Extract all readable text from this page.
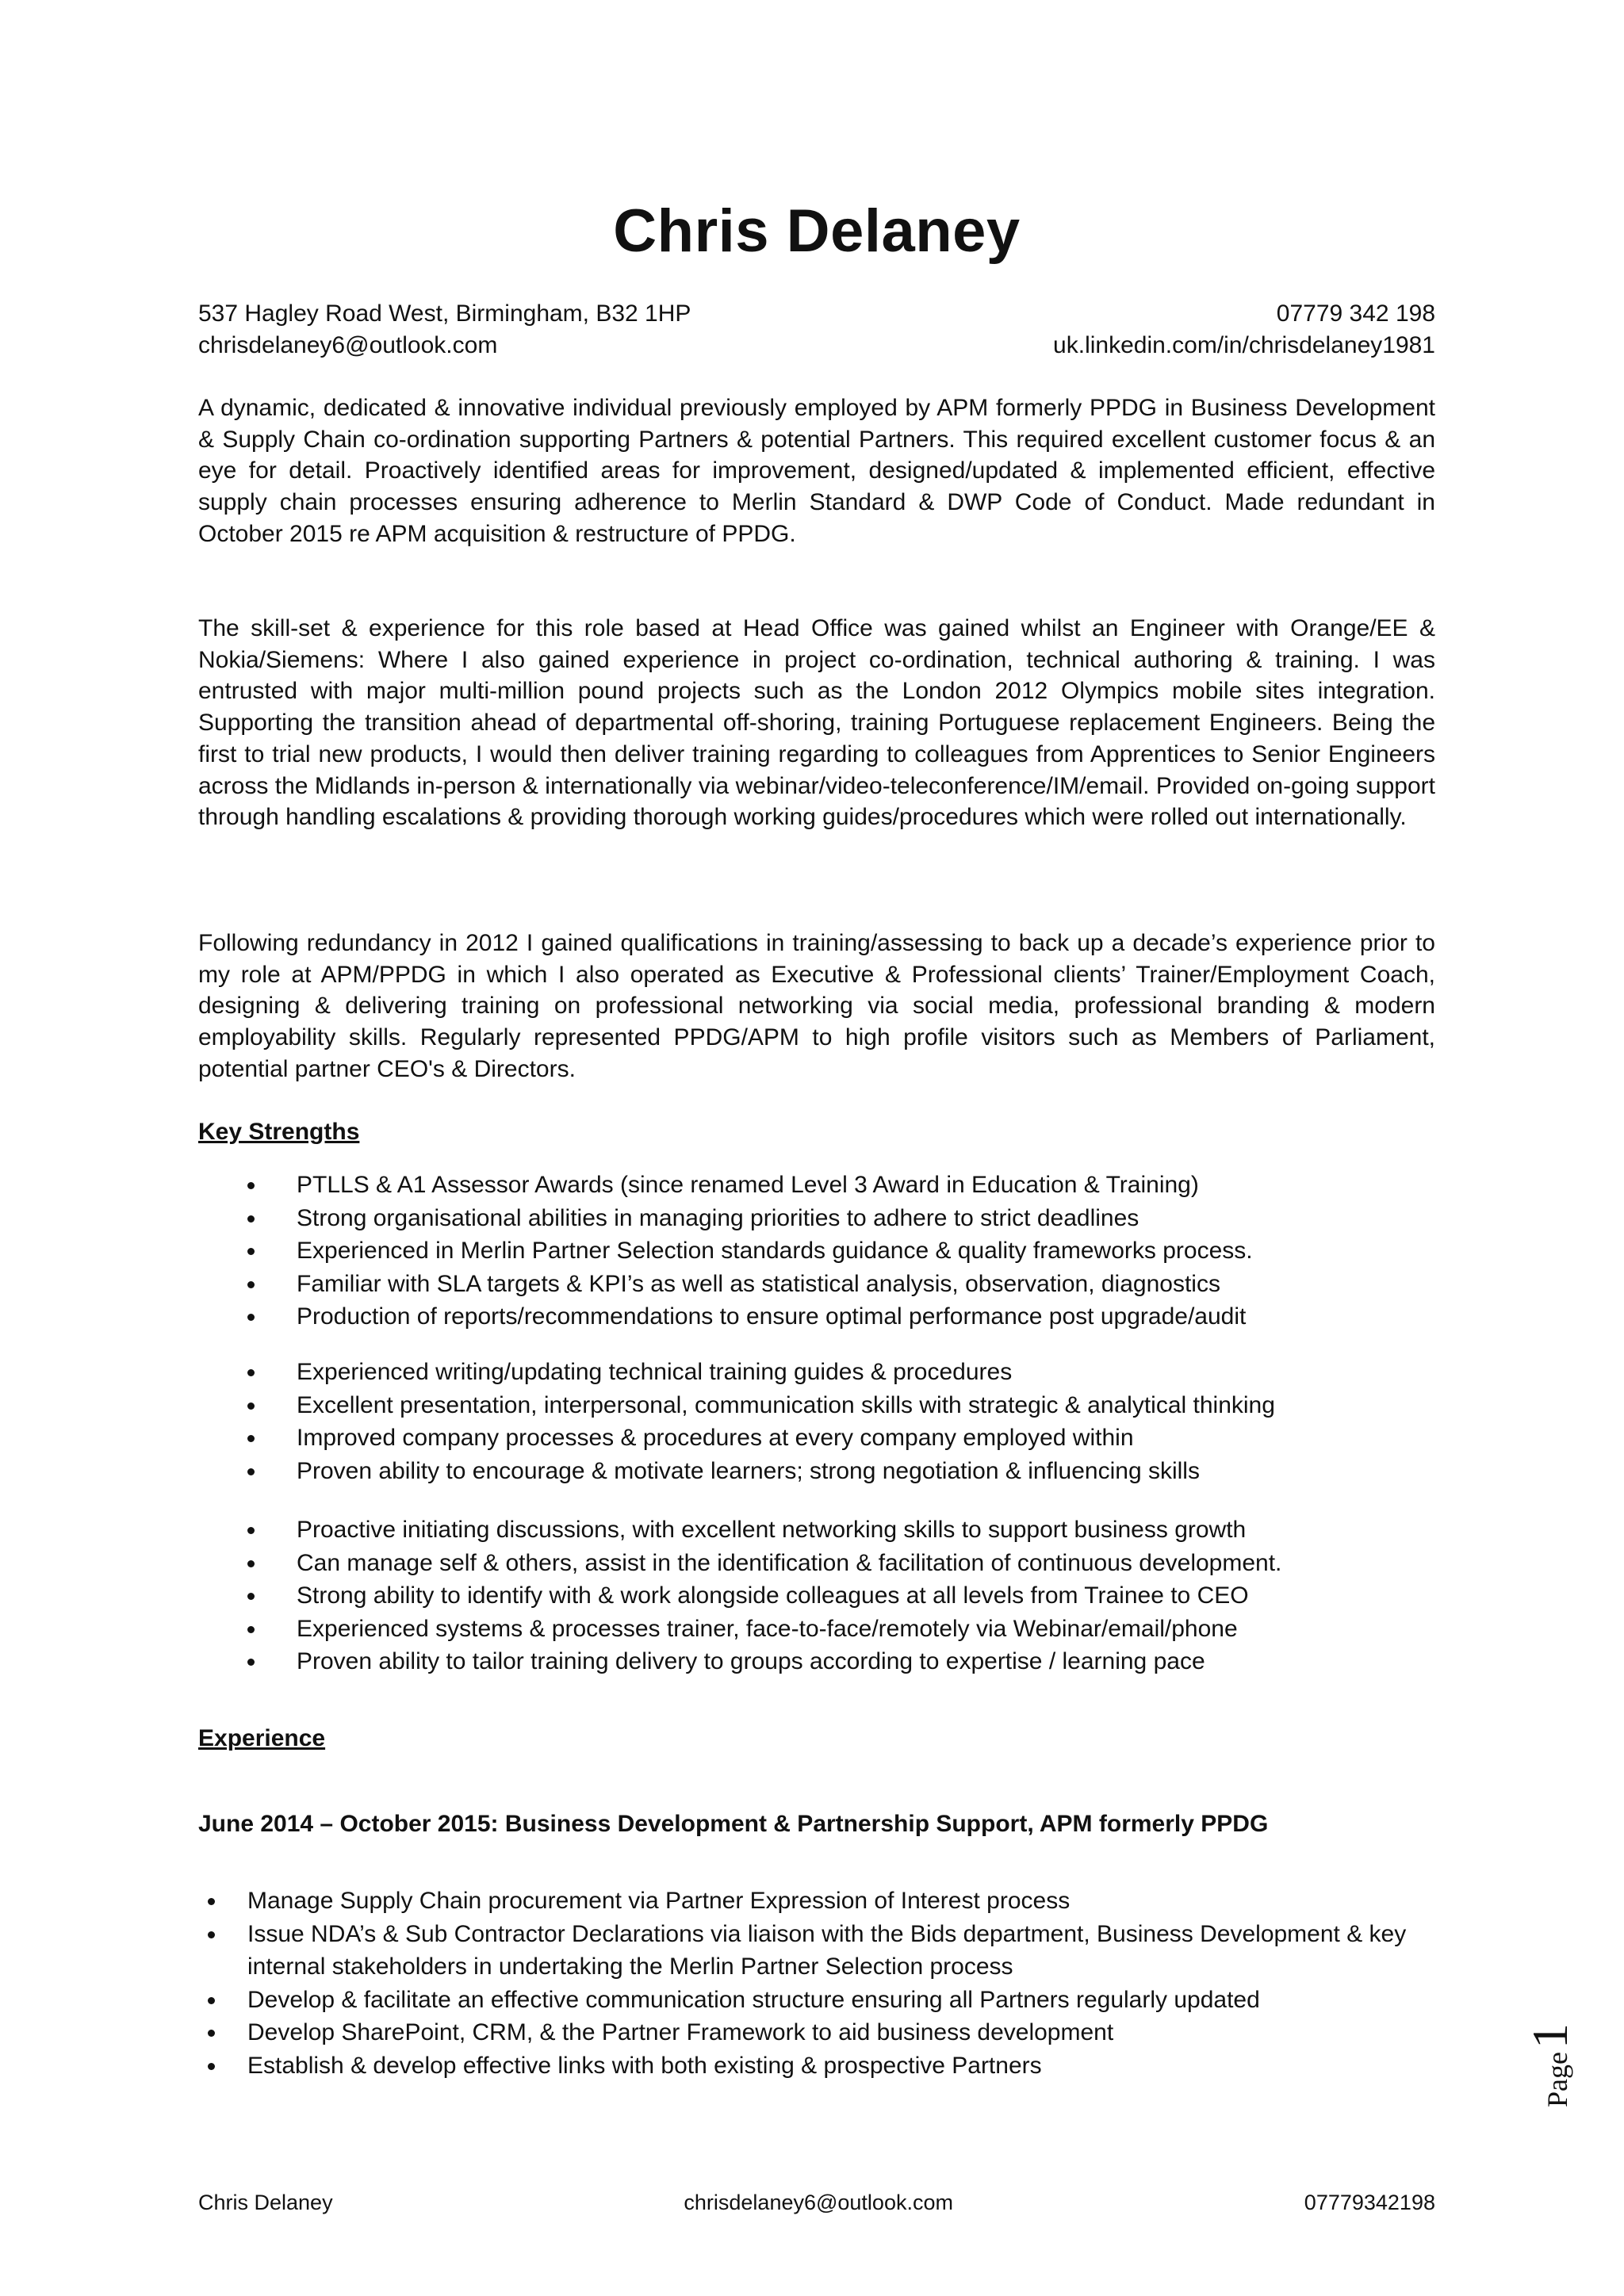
Chris Delaney
537 Hagley Road West, Birmingham, B32 1HP	07779 342 198
chrisdelaney6@outlook.com	uk.linkedin.com/in/chrisdelaney1981

A dynamic, dedicated & innovative individual previously employed by APM formerly PPDG in Business Development & Supply Chain co-ordination supporting Partners & potential Partners. This required excellent customer focus & an eye for detail. Proactively identified areas for improvement, designed/updated & implemented efficient, effective supply chain processes ensuring adherence to Merlin Standard & DWP Code of Conduct. Made redundant in October 2015 re APM acquisition & restructure of PPDG.

The skill-set & experience for this role based at Head Office was gained whilst an Engineer with Orange/EE & Nokia/Siemens: Where I also gained experience in project co-ordination, technical authoring & training. I was entrusted with major multi-million pound projects such as the London 2012 Olympics mobile sites integration. Supporting the transition ahead of departmental off-shoring, training Portuguese replacement Engineers. Being the first to trial new products, I would then deliver training regarding to colleagues from Apprentices to Senior Engineers across the Midlands in-person & internationally via webinar/video-teleconference/IM/email. Provided on-going support through handling escalations & providing thorough working guides/procedures which were rolled out internationally.

Following redundancy in 2012 I gained qualifications in training/assessing to back up a decade’s experience prior to my role at APM/PPDG in which I also operated as Executive & Professional clients’ Trainer/Employment Coach, designing & delivering training on professional networking via social media, professional branding & modern employability skills. Regularly represented PPDG/APM to high profile visitors such as Members of Parliament, potential partner CEO's & Directors.

Key Strengths
PTLLS & A1 Assessor Awards (since renamed Level 3 Award in Education & Training)
Strong organisational abilities in managing priorities to adhere to strict deadlines
Experienced in Merlin Partner Selection standards guidance & quality frameworks process.
Familiar with SLA targets & KPI’s as well as statistical analysis, observation, diagnostics
Production of reports/recommendations to ensure optimal performance post upgrade/audit
Experienced writing/updating technical training guides & procedures
Excellent presentation, interpersonal, communication skills with strategic & analytical thinking
Improved company processes & procedures at every company employed within
Proven ability to encourage & motivate learners; strong negotiation & influencing skills
Proactive initiating discussions, with excellent networking skills to support business growth
Can manage self & others, assist in the identification & facilitation of continuous development.
Strong ability to identify with & work alongside colleagues at all levels from Trainee to CEO
Experienced systems & processes trainer, face-to-face/remotely via Webinar/email/phone
Proven ability to tailor training delivery to groups according to expertise / learning pace
Experience
June 2014 – October 2015: Business Development & Partnership Support, APM formerly PPDG
Manage Supply Chain procurement via Partner Expression of Interest process
Issue NDA’s & Sub Contractor Declarations via liaison with the Bids department, Business Development & key internal stakeholders in undertaking the Merlin Partner Selection process
Develop & facilitate an effective communication structure ensuring all Partners regularly updated
Develop SharePoint, CRM, & the Partner Framework to aid business development
Establish & develop effective links with both existing & prospective Partners	Page
1
Chris Delaney	chrisdelaney6@outlook.com	07779342198
